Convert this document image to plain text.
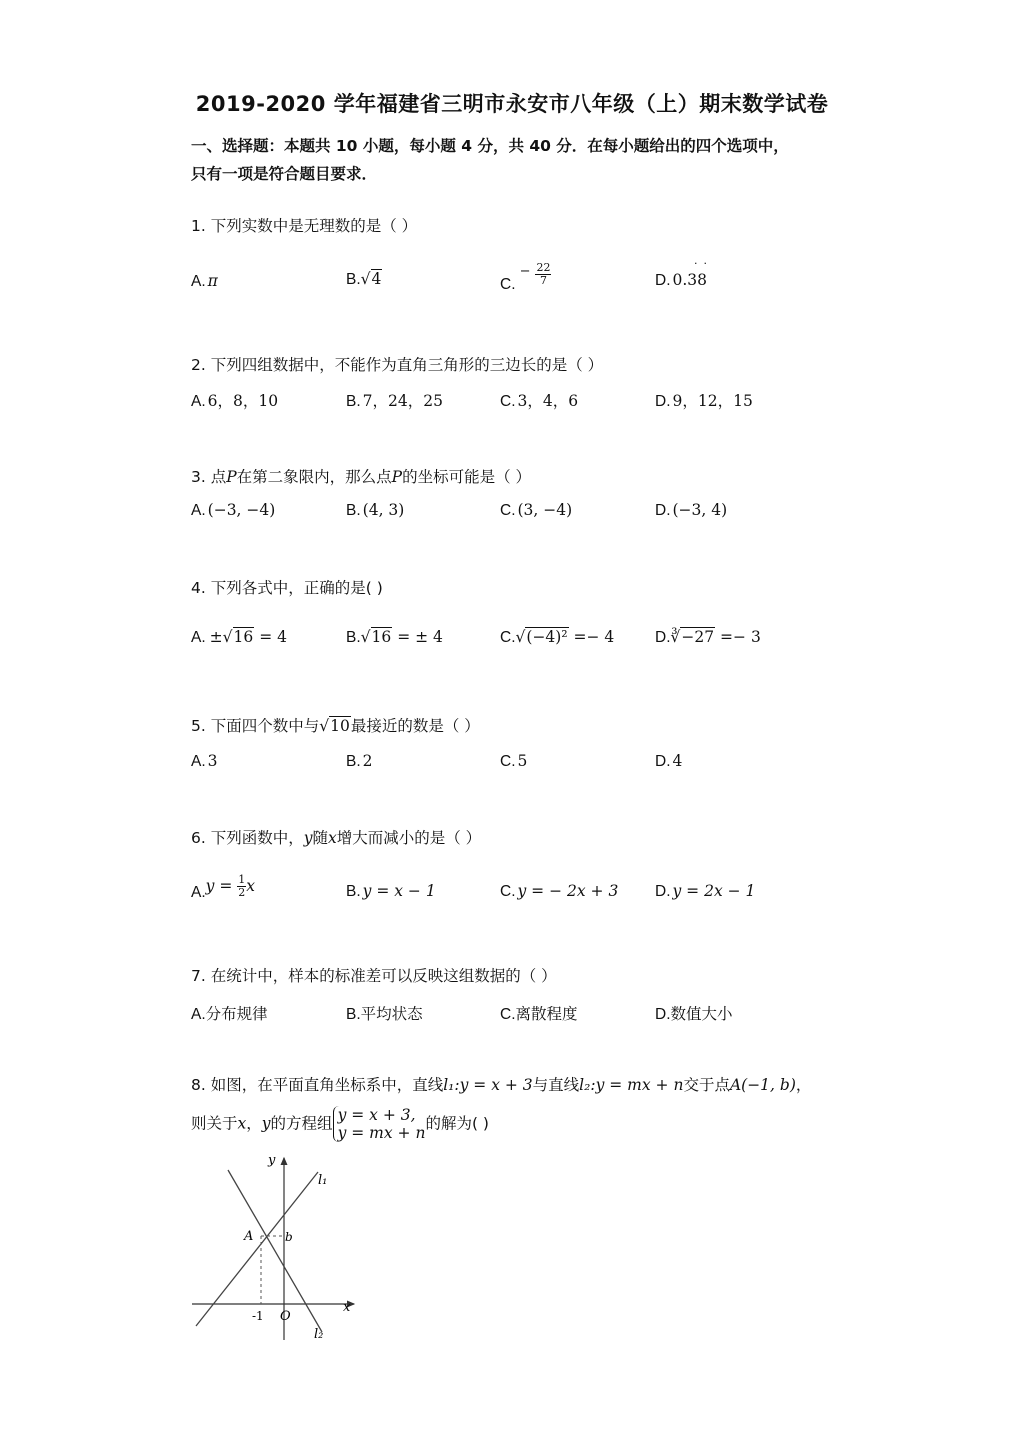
2019-2020 学年福建省三明市永安市八年级（上）期末数学试卷
一、选择题：本题共 10 小题，每小题 4 分，共 40 分．在每小题给出的四个选项中，
只有一项是符合题目要求．
1. 下列实数中是无理数的是（ ）
A. π	B.√4	C. $^- \frac{22}{7}$	D. 0.38
··
2. 下列四组数据中，不能作为直角三角形的三边长的是（ ）
A. 6，8，10	B. 7，24，25	C. 3，4，6	D. 9，12，15
3. 点P在第二象限内，那么点P的坐标可能是（ ）
A. (−3, −4)	B. (4, 3)	C. (3, −4)	D. (−3, 4)
4. 下列各式中，正确的是( )
A. ±√16 = 4	B.√16 = ± 4	C.√(−4)² =− 4	D.∛−27 =− 3
5. 下面四个数中与√10最接近的数是（ ）
A. 3	B. 2	C. 5	D. 4
6. 下列函数中，y随x增大而减小的是（ ）
$A.y = \frac{1}{2}$ x	B. y = x − 1	C. y = − 2x + 3 D. y = 2x − 1
7. 在统计中，样本的标准差可以反映这组数据的（ ）
A.分布规律	B.平均状态	C.离散程度	D.数值大小
8. 如图，在平面直角坐标系中，直线l₁:y = x + 3与直线l₂:y = mx + n交于点A(−1, b)，
则关于x，y的方程组 y = x + 3,
y = mx + n
的解为( )
y
x
l₁
l₂
A	b
-1 O
